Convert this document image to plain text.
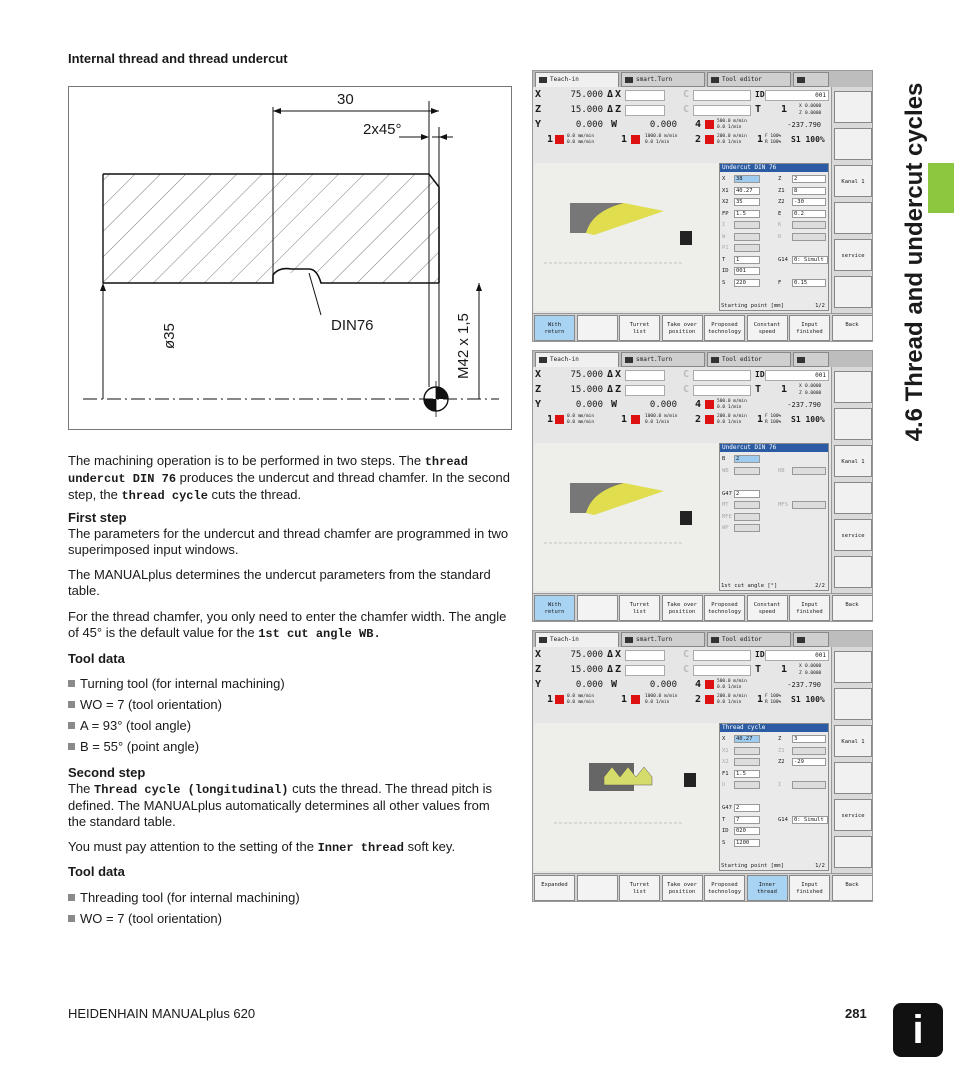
Internal thread and thread undercut
30
2x45°
DIN76
ø35	M42 x 1,5
The machining operation is to be performed in two steps. The thread undercut DIN 76 produces the undercut and thread chamfer. In the second step, the thread cycle cuts the thread.
First step
The parameters for the undercut and thread chamfer are programmed in two superimposed input windows.
The MANUALplus determines the undercut parameters from the standard table.
For the thread chamfer, you only need to enter the chamfer width. The angle of 45° is the default value for the 1st cut angle WB.
Tool data
Turning tool (for internal machining)
WO = 7 (tool orientation)
A = 93° (tool angle)
B = 55° (point angle)
Second step
The Thread cycle (longitudinal) cuts the thread. The thread pitch is defined. The MANUALplus automatically determines all other values from the standard table.
You must pay attention to the setting of the Inner thread soft key.
Tool data
Threading tool (for internal machining)
WO = 7 (tool orientation)
4.6 Thread and undercut cycles
Teach-in	smart.Turn	Tool editor
X	75.000 Δ X	C	ID	001
Z	15.000 Δ Z	C	T 1	X 0.0000
Z 0.0000
Y	0.000 W	0.000 4	500.0 m/min
0.0 1/min	-237.790
1	0.0 mm/min
0.0 mm/min	1	1000.0 m/min
0.0 1/min	2	200.0 m/min
0.0 1/min 1 F 100%
R 100% S1 100%
Undercut DIN 76
X	38	Z	2
X1	40.27	Z1	8
X2	35	Z2	-30
FP	1.5	E	0.2
I	K
W	R
P1
T	1	G14	0: Simult
ID	001
S	220	F	0.15
Starting point [mm]	1/2
Kanal 1
service
With
return
Turret
list
Take over
position
Proposed
technology
Constant
speed
Input
finished
Back
Teach-in	smart.Turn	Tool editor
X	75.000 Δ X	C	ID	001
Z	15.000 Δ Z	C	T 1	X 0.0000
Z 0.0000
Y	0.000 W	0.000 4	500.0 m/min
0.0 1/min	-237.790
1	0.0 mm/min
0.0 mm/min	1	1000.0 m/min
0.0 1/min	2	200.0 m/min
0.0 1/min 1 F 100%
R 100% S1 100%
Undercut DIN 76
B	2
WB	RB
G47 2
MT	MFS
MFE
WP
1st cut angle [°]	2/2
Kanal 1
service
With
return
Turret
list
Take over
position
Proposed
technology
Constant
speed
Input
finished
Back
Teach-in	smart.Turn	Tool editor
X	75.000 Δ X	C	ID	001
Z	15.000 Δ Z	C	T 1	X 0.0000
Z 0.0000
Y	0.000 W	0.000 4	500.0 m/min
0.0 1/min	-237.790
1	0.0 mm/min
0.0 mm/min	1	1000.0 m/min
0.0 1/min	2	200.0 m/min
0.0 1/min 1 F 100%
R 100% S1 100%
Thread cycle
X	40.27	Z	3
X1	Z1
X2	Z2	-29
F1	1.5
U	I
G47 2
T	7	G14	0: Simult
ID	020
S	1200
Starting point [mm]	1/2
Kanal 1
service
Expanded	Turret
list
Take over
position
Proposed
technology
Inner
thread
Input
finished
Back
HEIDENHAIN MANUALplus 620	281	i
